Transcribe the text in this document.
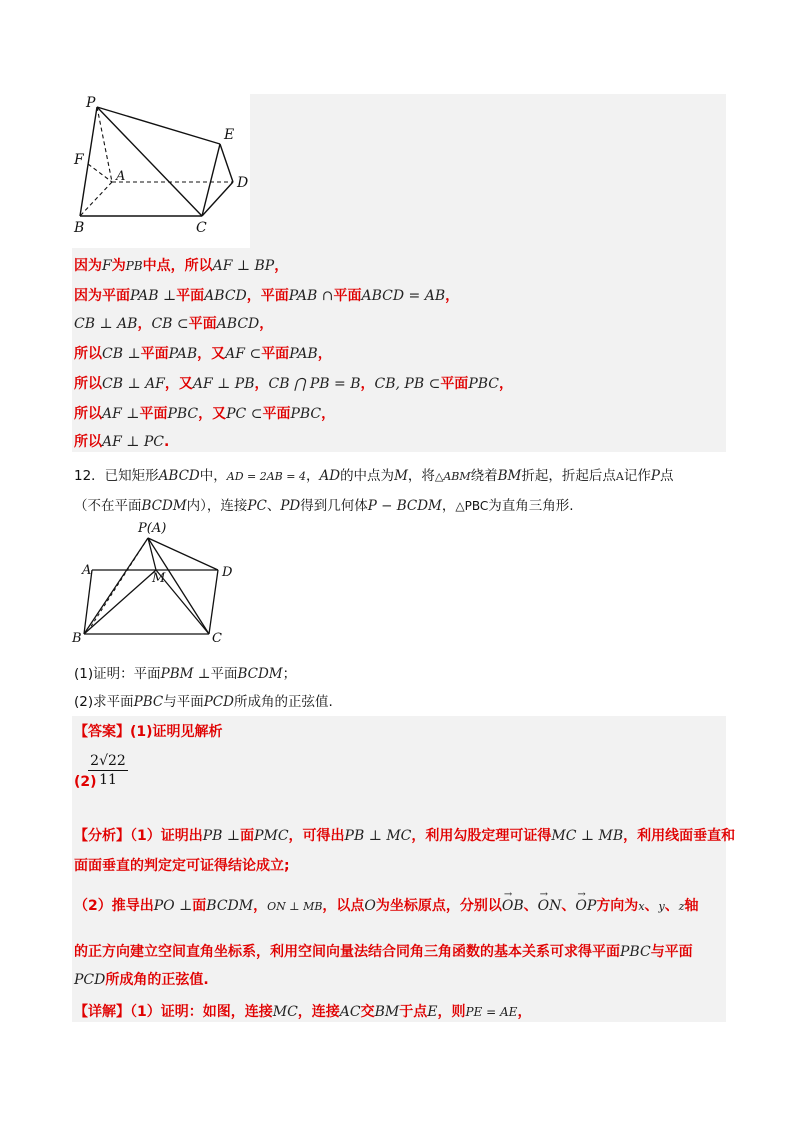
P
E
F
A	D
B	C
因为F为PB中点，所以AF ⊥ BP，
因为平面PAB ⊥平面ABCD，平面PAB ∩平面ABCD = AB，
CB ⊥ AB，CB ⊂平面ABCD，
所以CB ⊥平面PAB，又AF ⊂平面PAB，
所以CB ⊥ AF，又AF ⊥ PB，CB ⋂ PB = B，CB, PB ⊂平面PBC，
所以AF ⊥平面PBC，又PC ⊂平面PBC，
所以AF ⊥ PC.
12．已知矩形ABCD中，AD = 2AB = 4，AD的中点为M，将△ABM绕着BM折起，折起后点A记作P点
（不在平面BCDM内），连接PC、PD得到几何体P − BCDM，△PBC为直角三角形.
P(A)
A	D
M
B	C
(1)证明：平面PBM ⊥平面BCDM；
(2)求平面PBC与平面PCD所成角的正弦值.
【答案】(1)证明见解析
$\frac{2√22}{11}$
(2)
【分析】（1）证明出PB ⊥面PMC，可得出PB ⊥ MC，利用勾股定理可证得MC ⊥ MB，利用线面垂直和
面面垂直的判定定可证得结论成立;
（2）推导出PO ⊥面BCDM，ON ⊥ MB，以点O为坐标原点，分别以→ OB、→ ON、→ OP方向为x、y、z轴
的正方向建立空间直角坐标系，利用空间向量法结合同角三角函数的基本关系可求得平面PBC与平面
PCD所成角的正弦值.
【详解】（1）证明：如图，连接MC，连接AC交BM于点E，则PE = AE，
